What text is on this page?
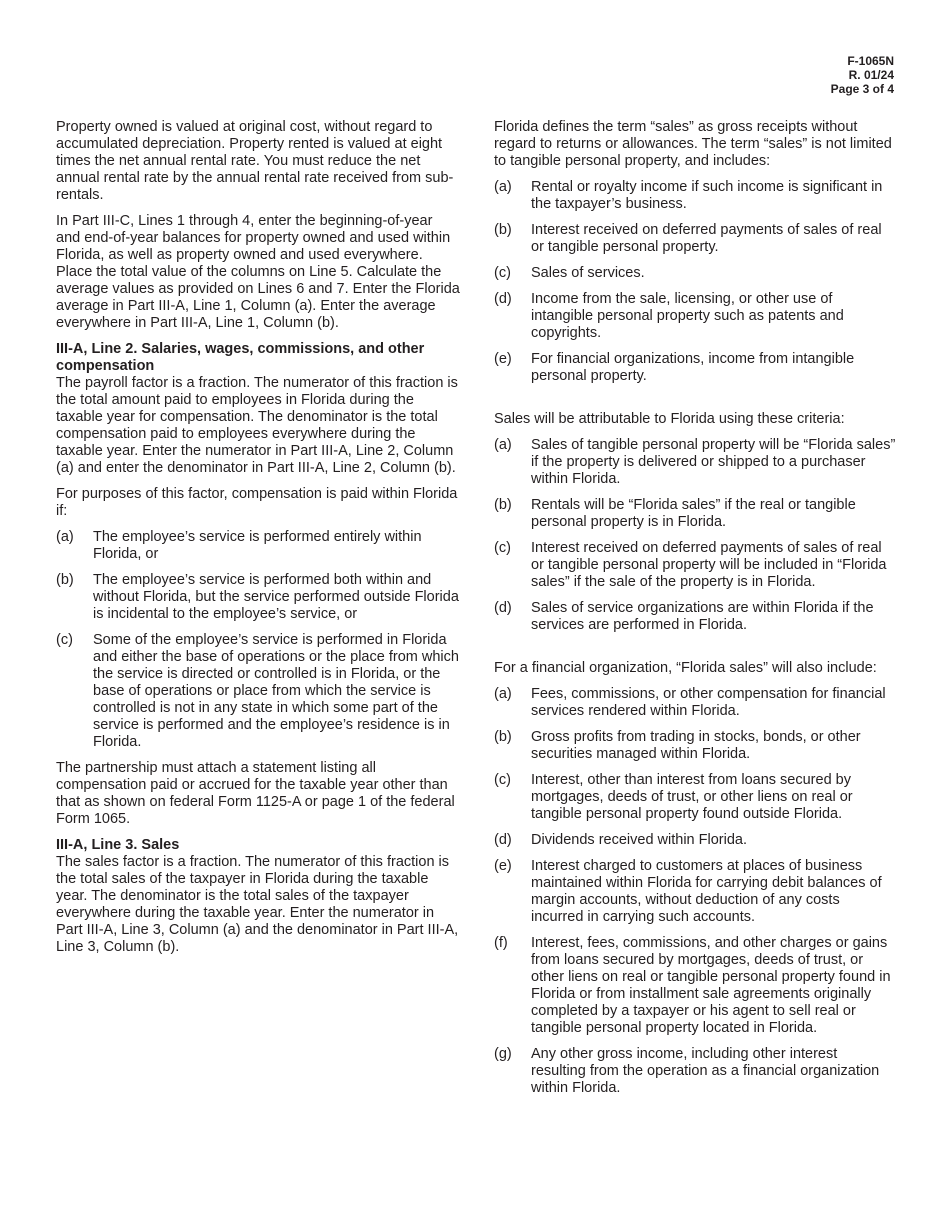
F-1065N
R. 01/24
Page 3 of 4

Property owned is valued at original cost, without regard to accumulated depreciation. Property rented is valued at eight times the net annual rental rate. You must reduce the net annual rental rate by the annual rental rate received from sub-rentals.

In Part III-C, Lines 1 through 4, enter the beginning-of-year and end-of-year balances for property owned and used within Florida, as well as property owned and used everywhere. Place the total value of the columns on Line 5. Calculate the average values as provided on Lines 6 and 7. Enter the Florida average in Part III-A, Line 1, Column (a). Enter the average everywhere in Part III-A, Line 1, Column (b).

III-A, Line 2. Salaries, wages, commissions, and other compensation

The payroll factor is a fraction. The numerator of this fraction is the total amount paid to employees in Florida during the taxable year for compensation. The denominator is the total compensation paid to employees everywhere during the taxable year. Enter the numerator in Part III-A, Line 2, Column (a) and enter the denominator in Part III-A, Line 2, Column (b).

For purposes of this factor, compensation is paid within Florida if:

(a) The employee’s service is performed entirely within Florida, or
(b) The employee’s service is performed both within and without Florida, but the service performed outside Florida is incidental to the employee’s service, or
(c) Some of the employee’s service is performed in Florida and either the base of operations or the place from which the service is directed or controlled is in Florida, or the base of operations or place from which the service is controlled is not in any state in which some part of the service is performed and the employee’s residence is in Florida.

The partnership must attach a statement listing all compensation paid or accrued for the taxable year other than that as shown on federal Form 1125-A or page 1 of the federal Form 1065.

III-A, Line 3. Sales

The sales factor is a fraction. The numerator of this fraction is the total sales of the taxpayer in Florida during the taxable year. The denominator is the total sales of the taxpayer everywhere during the taxable year. Enter the numerator in Part III-A, Line 3, Column (a) and the denominator in Part III-A, Line 3, Column (b).

Florida defines the term “sales” as gross receipts without regard to returns or allowances. The term “sales” is not limited to tangible personal property, and includes:

(a) Rental or royalty income if such income is significant in the taxpayer’s business.
(b) Interest received on deferred payments of sales of real or tangible personal property.
(c) Sales of services.
(d) Income from the sale, licensing, or other use of intangible personal property such as patents and copyrights.
(e) For financial organizations, income from intangible personal property.

Sales will be attributable to Florida using these criteria:

(a) Sales of tangible personal property will be “Florida sales” if the property is delivered or shipped to a purchaser within Florida.
(b) Rentals will be “Florida sales” if the real or tangible personal property is in Florida.
(c) Interest received on deferred payments of sales of real or tangible personal property will be included in “Florida sales” if the sale of the property is in Florida.
(d) Sales of service organizations are within Florida if the services are performed in Florida.

For a financial organization, “Florida sales” will also include:

(a) Fees, commissions, or other compensation for financial services rendered within Florida.
(b) Gross profits from trading in stocks, bonds, or other securities managed within Florida.
(c) Interest, other than interest from loans secured by mortgages, deeds of trust, or other liens on real or tangible personal property found outside Florida.
(d) Dividends received within Florida.
(e) Interest charged to customers at places of business maintained within Florida for carrying debit balances of margin accounts, without deduction of any costs incurred in carrying such accounts.
(f) Interest, fees, commissions, and other charges or gains from loans secured by mortgages, deeds of trust, or other liens on real or tangible personal property found in Florida or from installment sale agreements originally completed by a taxpayer or his agent to sell real or tangible personal property located in Florida.
(g) Any other gross income, including other interest resulting from the operation as a financial organization within Florida.
